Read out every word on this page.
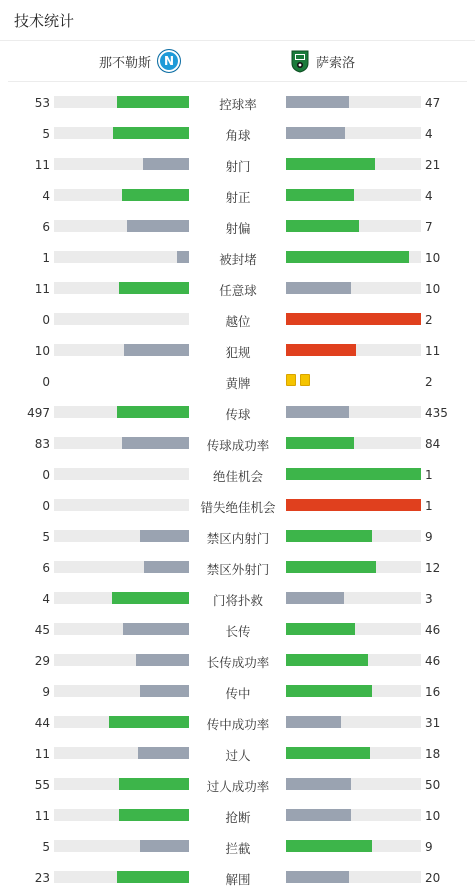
技术统计
那不勒斯	N	萨索洛
53	控球率	47
5	角球	4
11	射门	21
4	射正	4
6	射偏	7
1	被封堵	10
11	任意球	10
0	越位	2
10	犯规	11
0	黄牌	2
497	传球	435
83	传球成功率	84
0	绝佳机会	1
0	错失绝佳机会	1
5	禁区内射门	9
6	禁区外射门	12
4	门将扑救	3
45	长传	46
29	长传成功率	46
9	传中	16
44	传中成功率	31
11	过人	18
55	过人成功率	50
11	抢断	10
5	拦截	9
23	解围	20
